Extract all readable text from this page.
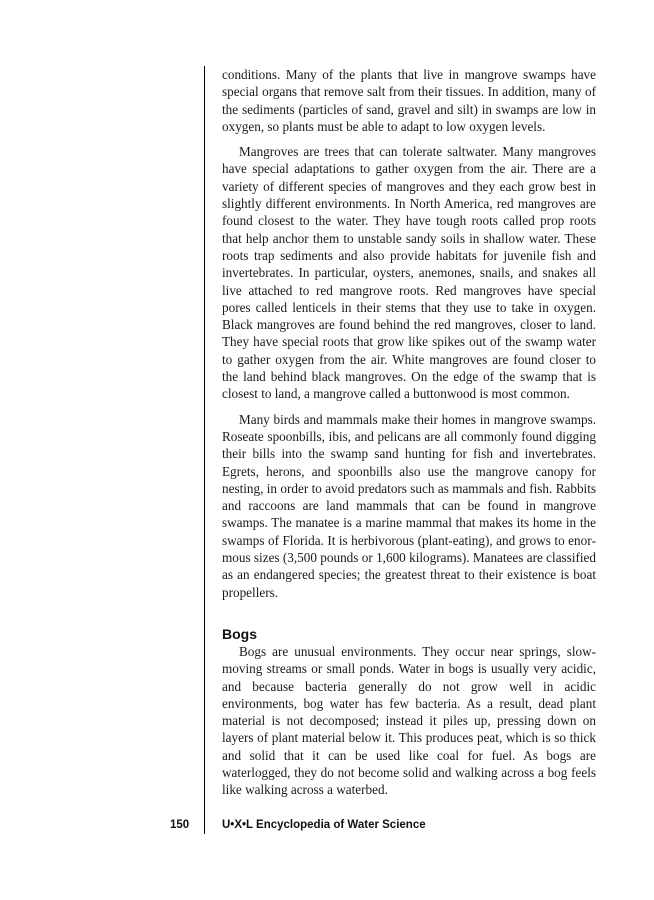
conditions. Many of the plants that live in mangrove swamps have special organs that remove salt from their tissues. In addition, many of the sediments (particles of sand, gravel and silt) in swamps are low in oxygen, so plants must be able to adapt to low oxygen levels.

Mangroves are trees that can tolerate saltwater. Many mangroves have special adaptations to gather oxygen from the air. There are a variety of different species of mangroves and they each grow best in slightly different environments. In North America, red mangroves are found closest to the water. They have tough roots called prop roots that help anchor them to unstable sandy soils in shallow water. These roots trap sediments and also provide habitats for juvenile fish and invertebrates. In particular, oysters, anemones, snails, and snakes all live attached to red mangrove roots. Red mangroves have special pores called lenticels in their stems that they use to take in oxygen. Black mangroves are found behind the red mangroves, closer to land. They have special roots that grow like spikes out of the swamp water to gather oxygen from the air. White mangroves are found closer to the land behind black mangroves. On the edge of the swamp that is closest to land, a mangrove called a buttonwood is most common.

Many birds and mammals make their homes in mangrove swamps. Roseate spoonbills, ibis, and pelicans are all commonly found digging their bills into the swamp sand hunting for fish and invertebrates. Egrets, herons, and spoonbills also use the mangrove canopy for nesting, in order to avoid predators such as mammals and fish. Rabbits and raccoons are land mammals that can be found in mangrove swamps. The manatee is a marine mammal that makes its home in the swamps of Florida. It is herbivorous (plant-eating), and grows to enormous sizes (3,500 pounds or 1,600 kilograms). Manatees are classified as an endangered species; the greatest threat to their existence is boat propellers.

Bogs

Bogs are unusual environments. They occur near springs, slow-moving streams or small ponds. Water in bogs is usually very acidic, and because bacteria generally do not grow well in acidic environments, bog water has few bacteria. As a result, dead plant material is not decomposed; instead it piles up, pressing down on layers of plant material below it. This produces peat, which is so thick and solid that it can be used like coal for fuel. As bogs are waterlogged, they do not become solid and walking across a bog feels like walking across a waterbed.

150	U•X•L Encyclopedia of Water Science
